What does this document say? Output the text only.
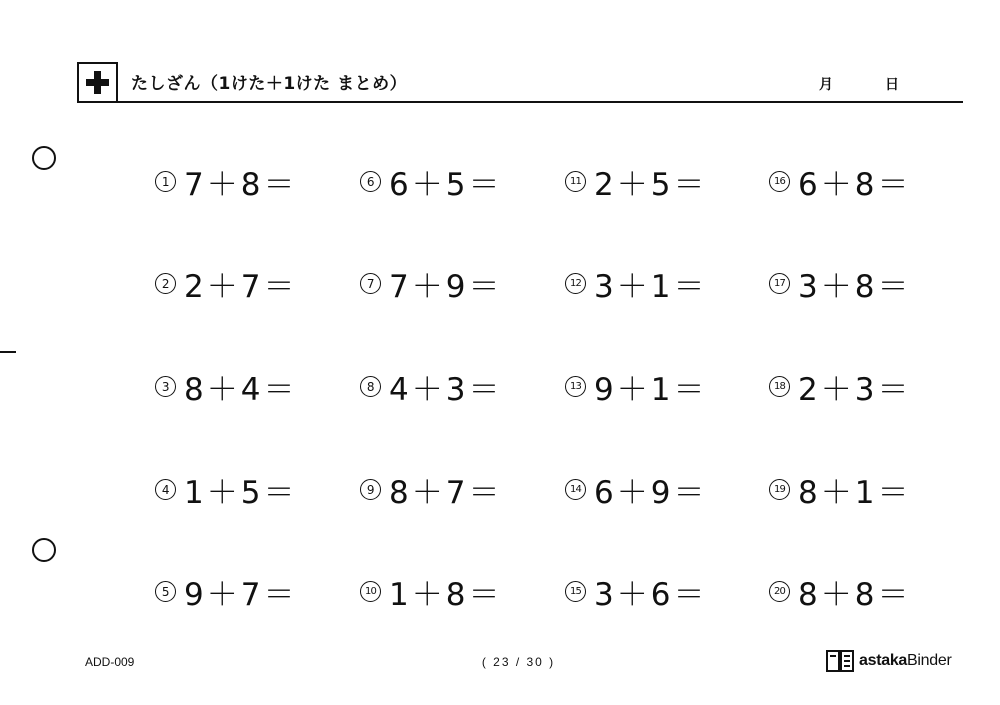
たしざん（1けた＋1けた まとめ）	月	日
1 7＋8＝
2 2＋7＝
3 8＋4＝
4 1＋5＝
5 9＋7＝
6 6＋5＝
7 7＋9＝
8 4＋3＝
9 8＋7＝
10 1＋8＝
11 2＋5＝
12 3＋1＝
13 9＋1＝
14 6＋9＝
15 3＋6＝
16 6＋8＝
17 3＋8＝
18 2＋3＝
19 8＋1＝
20 8＋8＝
ADD-009	( 23 / 30 )	astaka Binder
